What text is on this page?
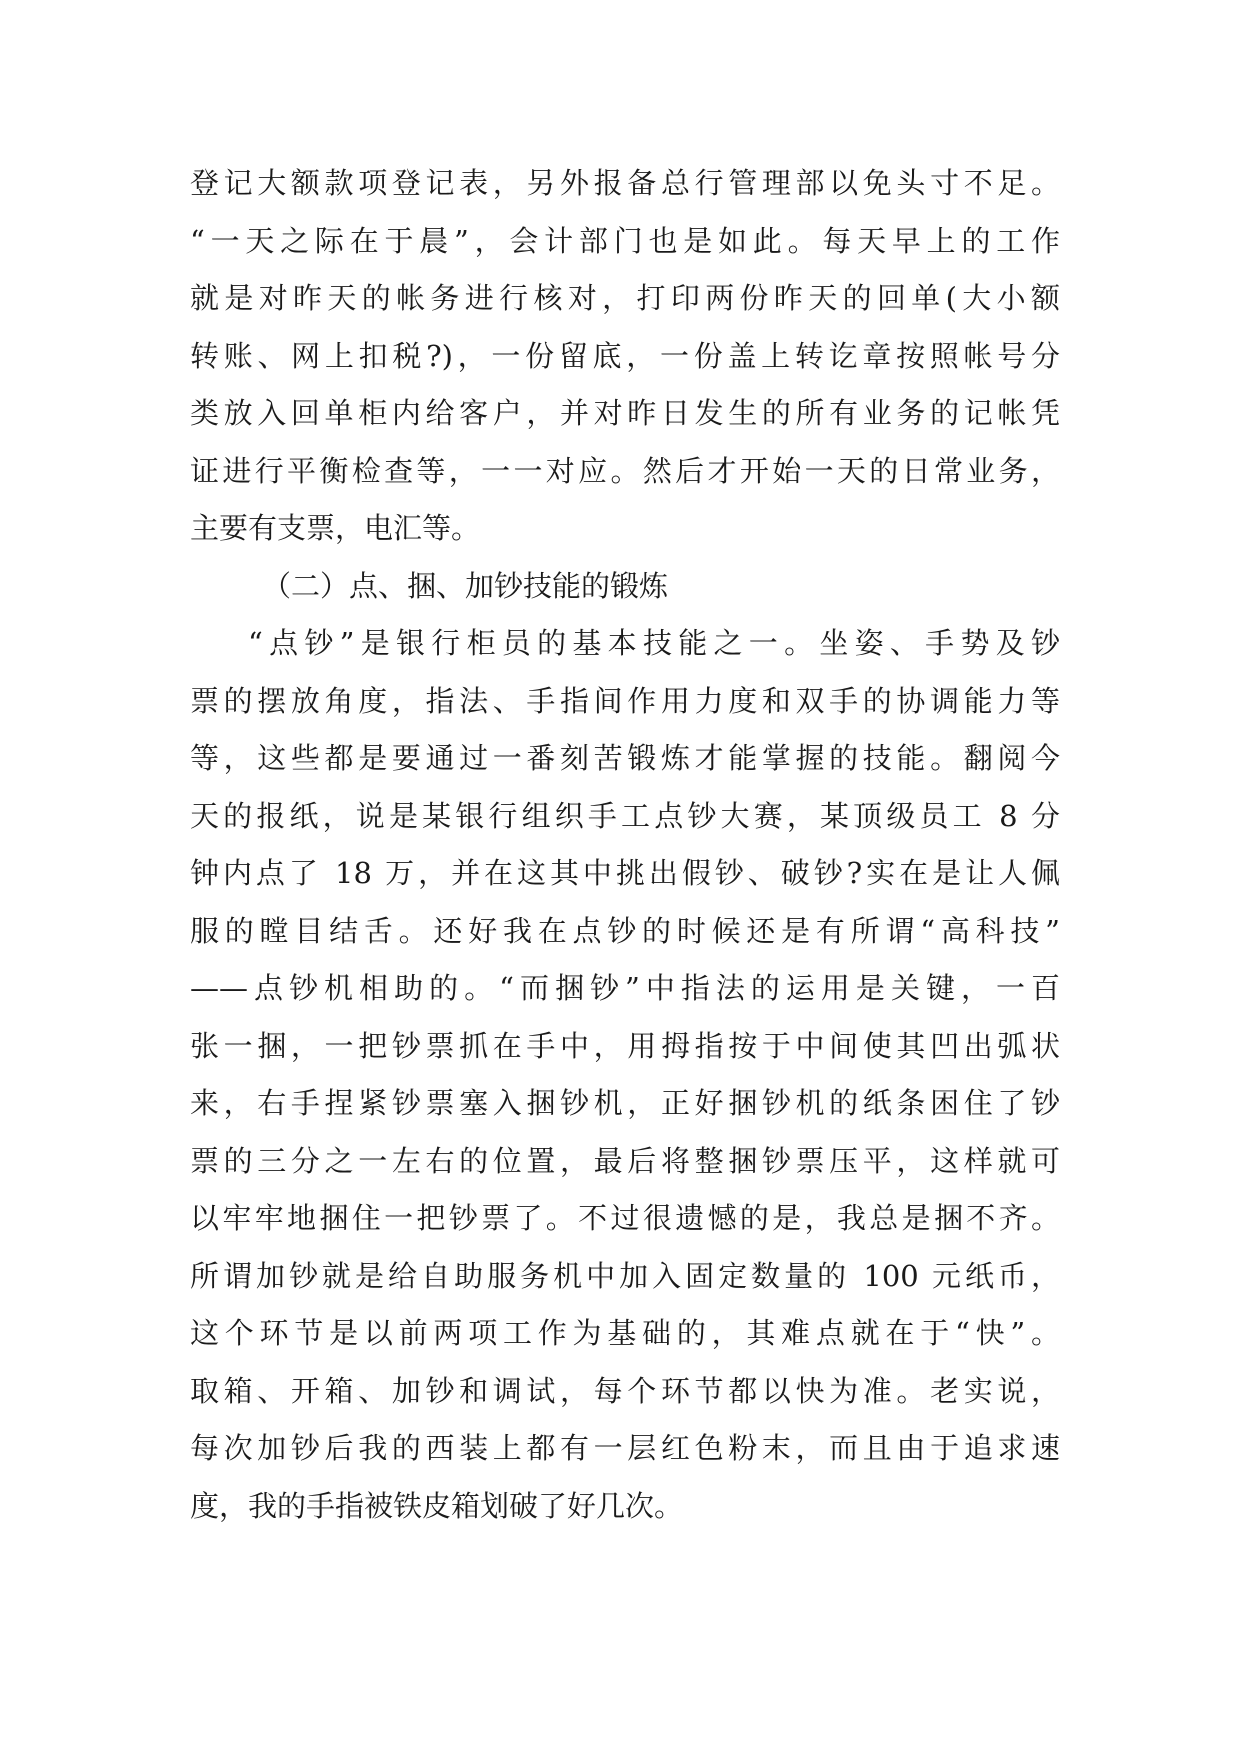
登记大额款项登记表，另外报备总行管理部以免头寸不足。
“一天之际在于晨”，会计部门也是如此。每天早上的工作
就是对昨天的帐务进行核对，打印两份昨天的回单(大小额
转账、网上扣税?)，一份留底，一份盖上转讫章按照帐号分
类放入回单柜内给客户，并对昨日发生的所有业务的记帐凭
证进行平衡检查等，一一对应。然后才开始一天的日常业务，
主要有支票，电汇等。
（二）点、捆、加钞技能的锻炼
“点钞”是银行柜员的基本技能之一。坐姿、手势及钞
票的摆放角度，指法、手指间作用力度和双手的协调能力等
等，这些都是要通过一番刻苦锻炼才能掌握的技能。翻阅今
天的报纸，说是某银行组织手工点钞大赛，某顶级员工 8 分
钟内点了 18 万，并在这其中挑出假钞、破钞?实在是让人佩
服的瞠目结舌。还好我在点钞的时候还是有所谓“高科技”
——点钞机相助的。“而捆钞”中指法的运用是关键，一百
张一捆，一把钞票抓在手中，用拇指按于中间使其凹出弧状
来，右手捏紧钞票塞入捆钞机，正好捆钞机的纸条困住了钞
票的三分之一左右的位置，最后将整捆钞票压平，这样就可
以牢牢地捆住一把钞票了。不过很遗憾的是，我总是捆不齐。
所谓加钞就是给自助服务机中加入固定数量的 100 元纸币，
这个环节是以前两项工作为基础的，其难点就在于“快”。
取箱、开箱、加钞和调试，每个环节都以快为准。老实说，
每次加钞后我的西装上都有一层红色粉末，而且由于追求速
度，我的手指被铁皮箱划破了好几次。
